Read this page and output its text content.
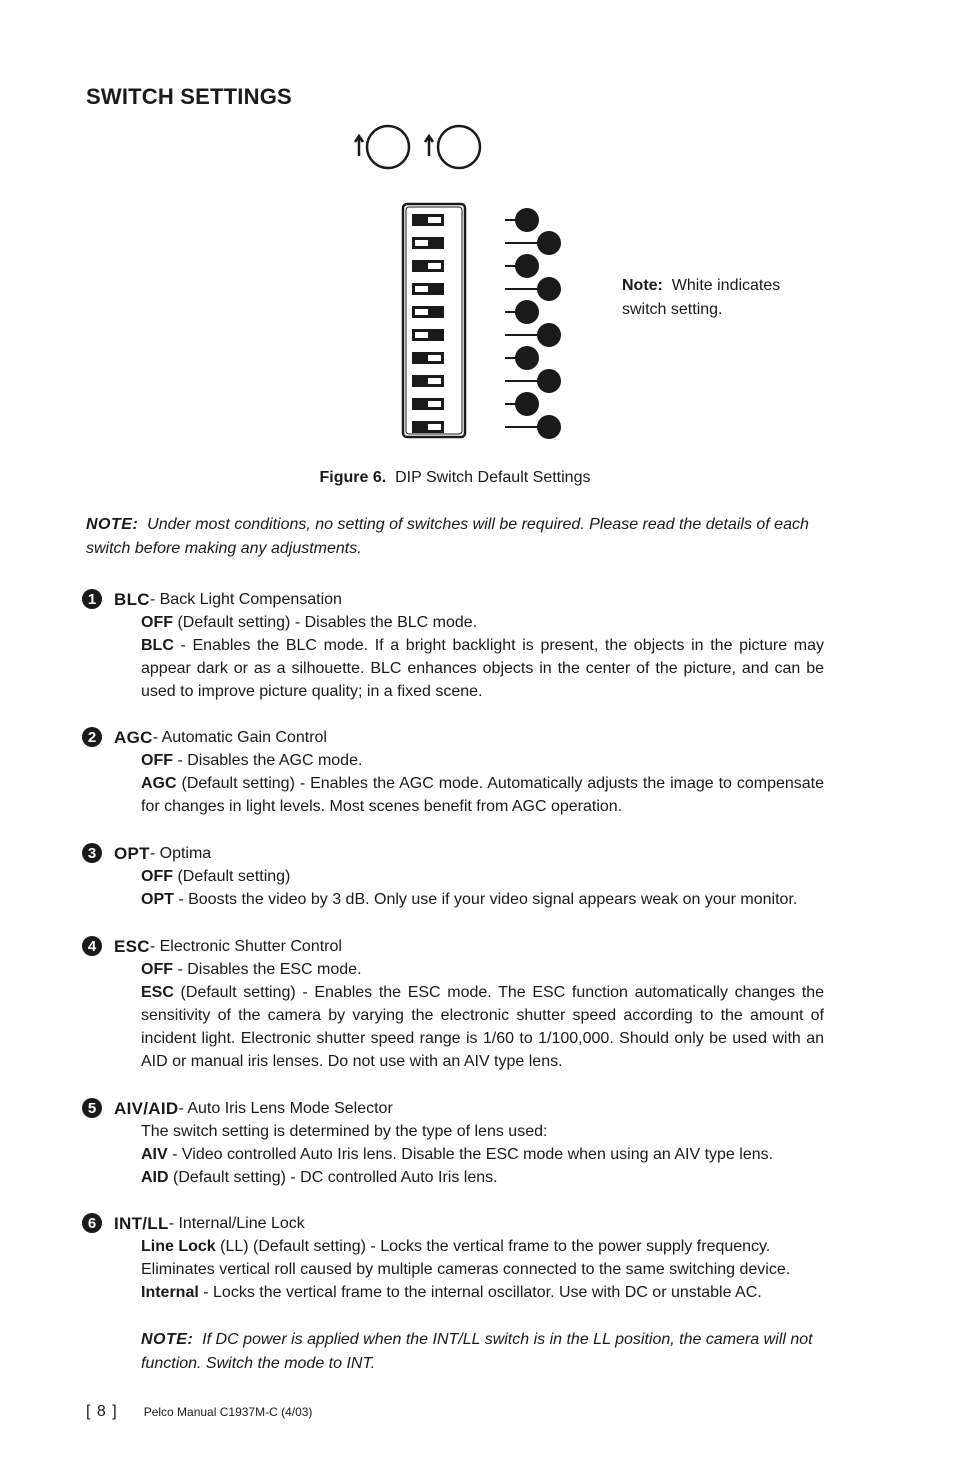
SWITCH SETTINGS
Note: White indicates switch setting.
Figure 6. DIP Switch Default Settings
NOTE: Under most conditions, no setting of switches will be required. Please read the details of each switch before making any adjustments.
1	BLC - Back Light Compensation

OFF (Default setting) - Disables the BLC mode.

BLC - Enables the BLC mode. If a bright backlight is present, the objects in the picture may appear dark or as a silhouette. BLC enhances objects in the center of the picture, and can be used to improve picture quality; in a fixed scene.

2	AGC - Automatic Gain Control

OFF - Disables the AGC mode.

AGC (Default setting) - Enables the AGC mode. Automatically adjusts the image to compensate for changes in light levels. Most scenes benefit from AGC operation.

3	OPT - Optima

OFF (Default setting)

OPT - Boosts the video by 3 dB. Only use if your video signal appears weak on your monitor.

4	ESC - Electronic Shutter Control

OFF - Disables the ESC mode.

ESC (Default setting) - Enables the ESC mode. The ESC function automatically changes the sensitivity of the camera by varying the electronic shutter speed according to the amount of incident light. Electronic shutter speed range is 1/60 to 1/100,000. Should only be used with an AID or manual iris lenses. Do not use with an AIV type lens.

5	AIV/AID - Auto Iris Lens Mode Selector

The switch setting is determined by the type of lens used:

AIV - Video controlled Auto Iris lens. Disable the ESC mode when using an AIV type lens.

AID (Default setting) - DC controlled Auto Iris lens.

6	INT/LL - Internal/Line Lock

Line Lock (LL) (Default setting) - Locks the vertical frame to the power supply frequency. Eliminates vertical roll caused by multiple cameras connected to the same switching device.

Internal - Locks the vertical frame to the internal oscillator. Use with DC or unstable AC.

NOTE: If DC power is applied when the INT/LL switch is in the LL position, the camera will not function. Switch the mode to INT.
[ 8 ] Pelco Manual C1937M-C (4/03)
